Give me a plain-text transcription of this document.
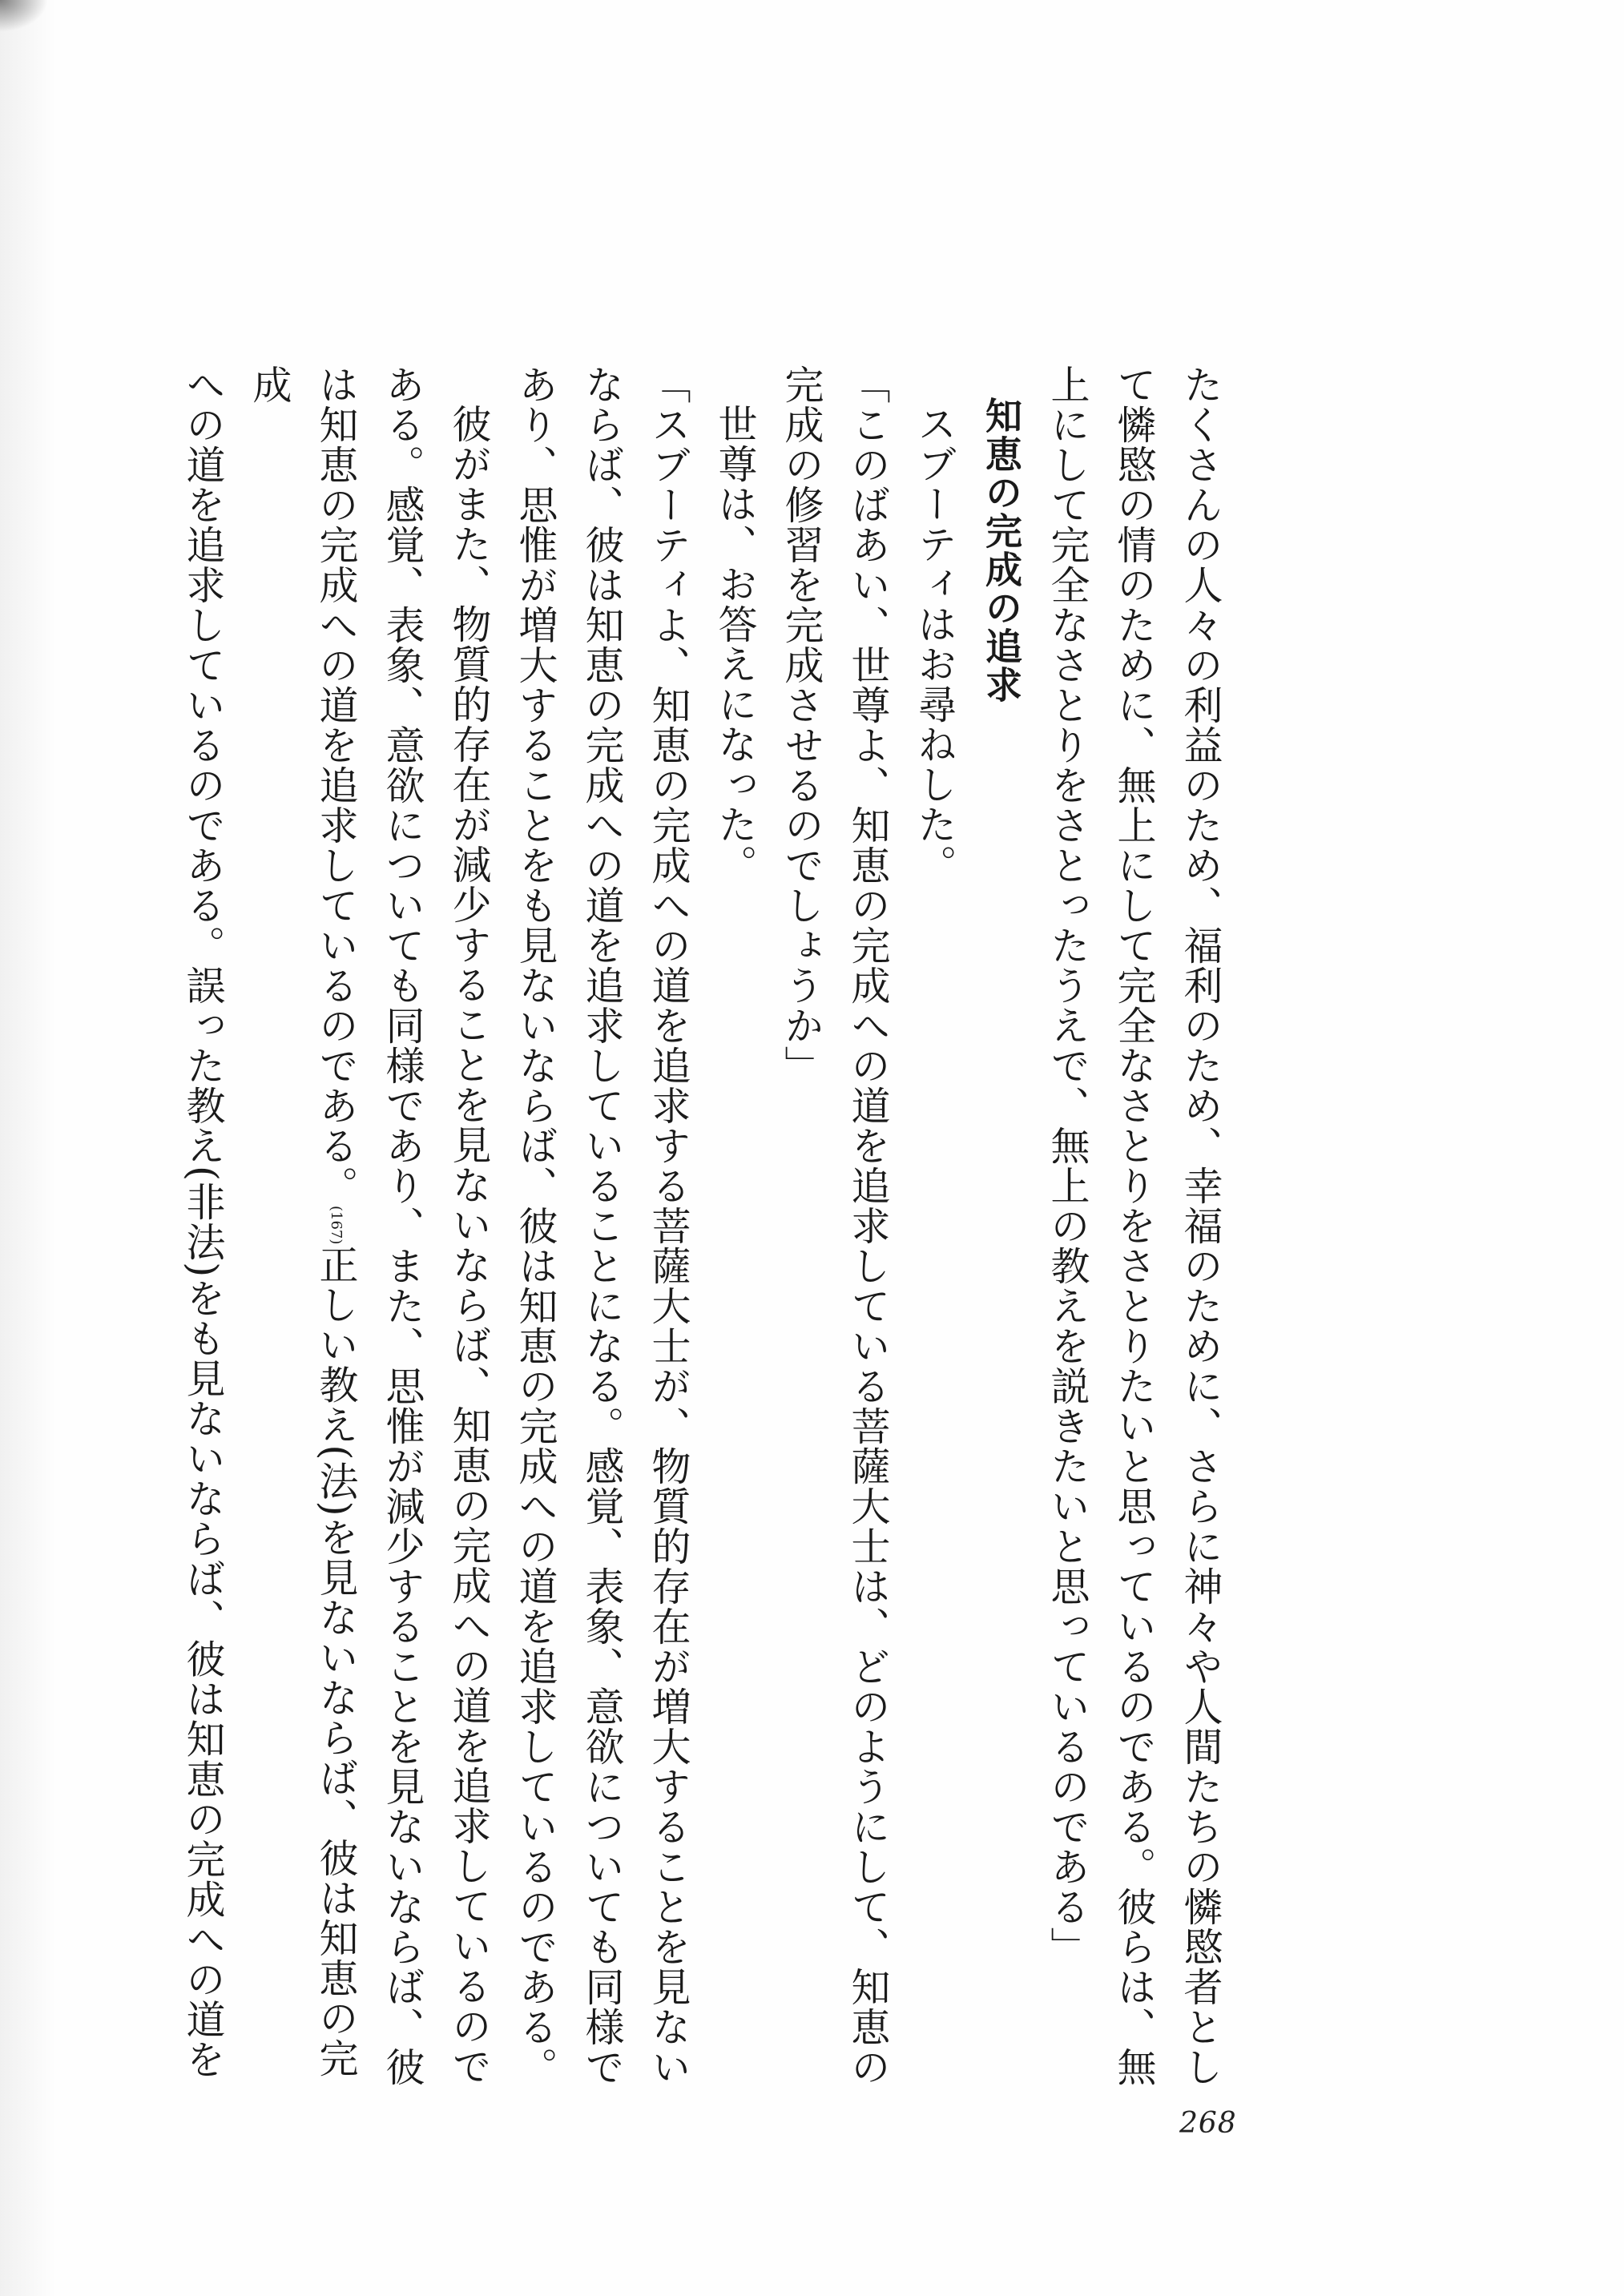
たくさんの人々の利益のため、福利のため、幸福のために、さらに神々や人間たちの憐愍者とし
て憐愍の情のために、無上にして完全なさとりをさとりたいと思っているのである。彼らは、無
上にして完全なさとりをさとったうえで、無上の教えを説きたいと思っているのである」

知恵の完成の追求

スブーティはお尋ねした。

「このばあい、世尊よ、知恵の完成への道を追求している菩薩大士は、どのようにして、知恵の
完成の修習を完成させるのでしょうか」

世尊は、お答えになった。

「スブーティよ、知恵の完成への道を追求する菩薩大士が、物質的存在が増大することを見ない
ならば、彼は知恵の完成への道を追求していることになる。感覚、表象、意欲についても同様で
あり、思惟が増大することをも見ないならば、彼は知恵の完成への道を追求しているのである。

彼がまた、物質的存在が減少することを見ないならば、知恵の完成への道を追求しているので
ある。感覚、表象、意欲についても同様であり、また、思惟が減少することを見ないならば、彼
は知恵の完成への道を追求しているのである。(167)正しい教え(法)を見ないならば、彼は知恵の完成
への道を追求しているのである。誤った教え(非法)をも見ないならば、彼は知恵の完成への道を

268
